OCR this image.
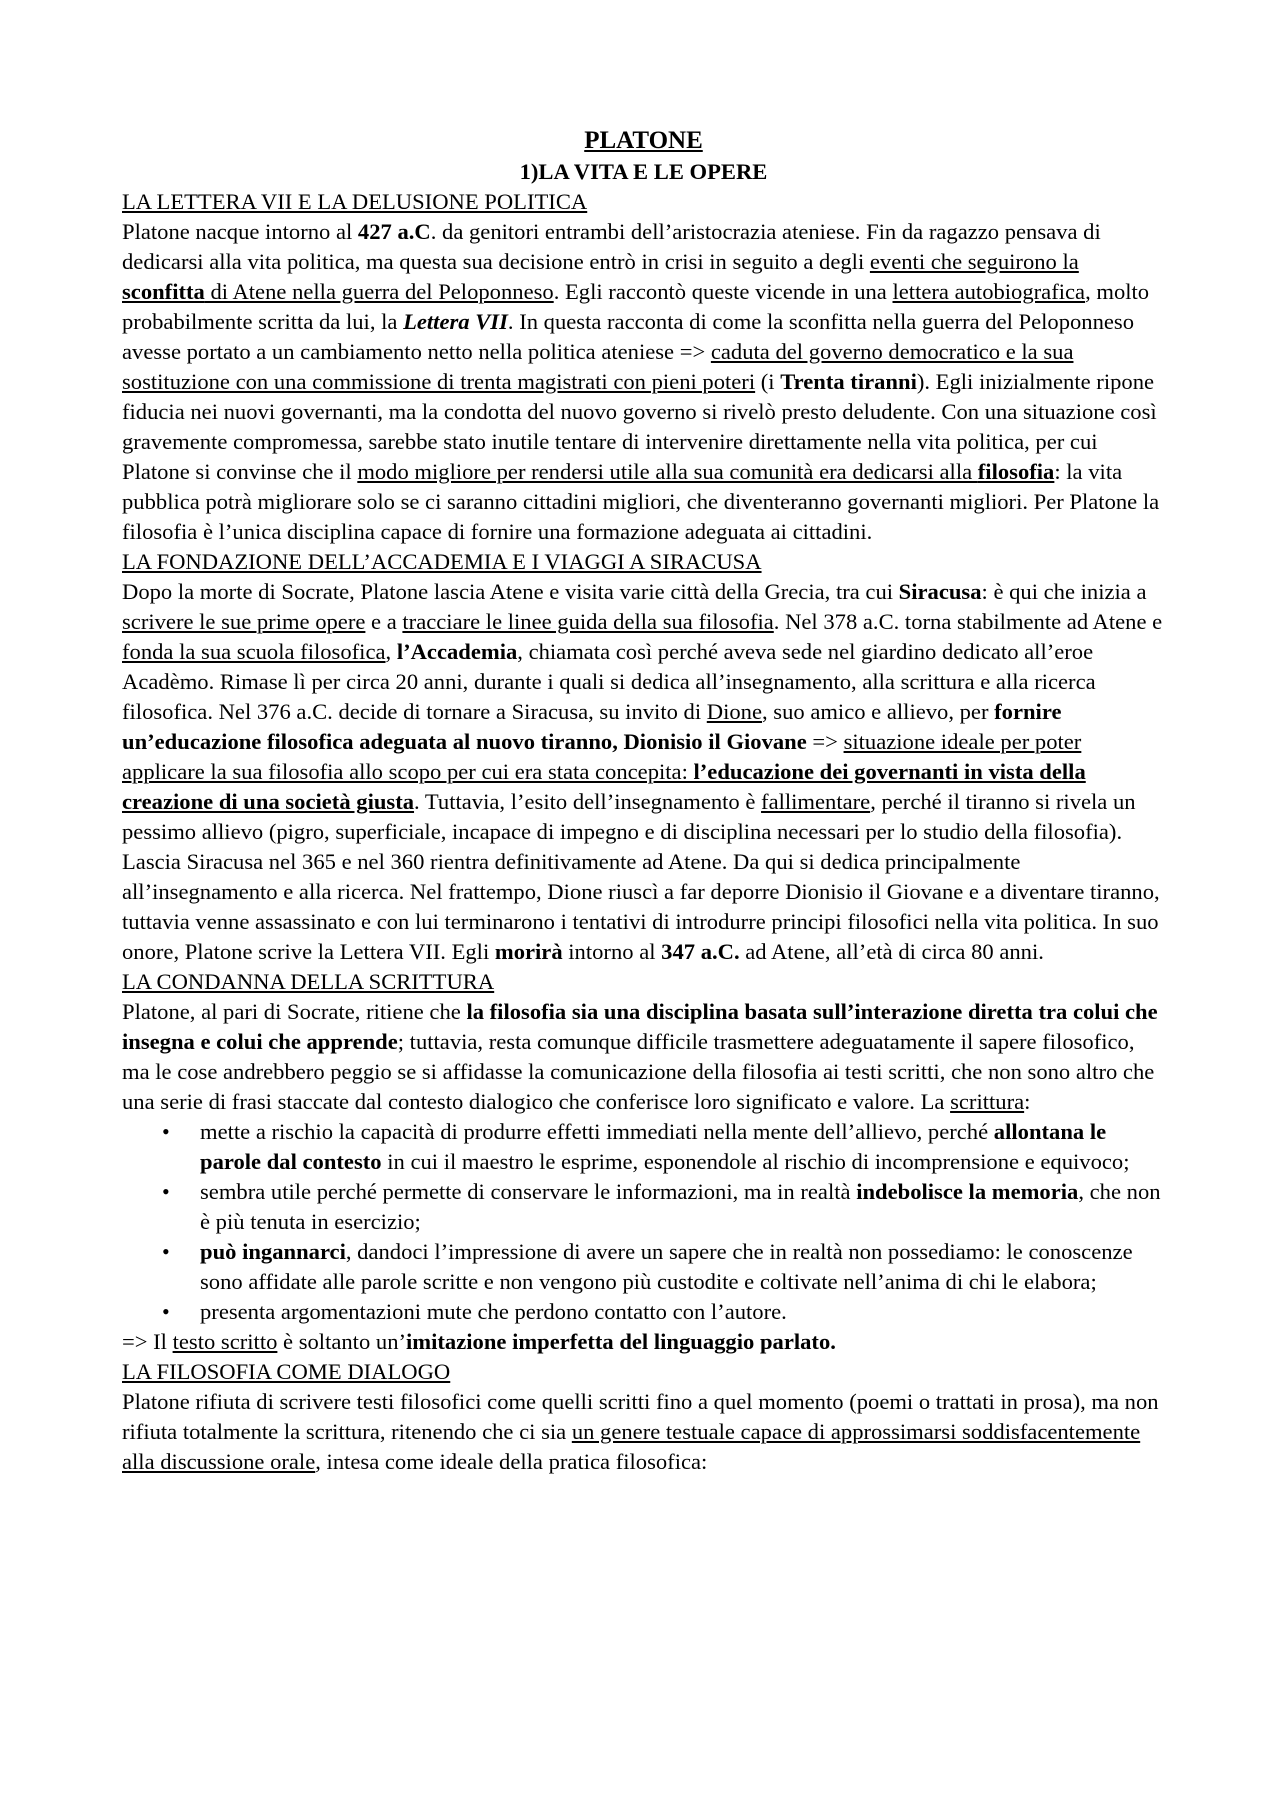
PLATONE
1)LA VITA E LE OPERE
LA LETTERA VII E LA DELUSIONE POLITICA

Platone nacque intorno al 427 a.C. da genitori entrambi dell’aristocrazia ateniese. Fin da ragazzo pensava di dedicarsi alla vita politica, ma questa sua decisione entrò in crisi in seguito a degli eventi che seguirono la sconfitta di Atene nella guerra del Peloponneso. Egli raccontò queste vicende in una lettera autobiografica, molto probabilmente scritta da lui, la Lettera VII. In questa racconta di come la sconfitta nella guerra del Peloponneso avesse portato a un cambiamento netto nella politica ateniese => caduta del governo democratico e la sua sostituzione con una commissione di trenta magistrati con pieni poteri (i Trenta tiranni). Egli inizialmente ripone fiducia nei nuovi governanti, ma la condotta del nuovo governo si rivelò presto deludente. Con una situazione così gravemente compromessa, sarebbe stato inutile tentare di intervenire direttamente nella vita politica, per cui Platone si convinse che il modo migliore per rendersi utile alla sua comunità era dedicarsi alla filosofia: la vita pubblica potrà migliorare solo se ci saranno cittadini migliori, che diventeranno governanti migliori. Per Platone la filosofia è l’unica disciplina capace di fornire una formazione adeguata ai cittadini.

LA FONDAZIONE DELL’ACCADEMIA E I VIAGGI A SIRACUSA

Dopo la morte di Socrate, Platone lascia Atene e visita varie città della Grecia, tra cui Siracusa: è qui che inizia a scrivere le sue prime opere e a tracciare le linee guida della sua filosofia. Nel 378 a.C. torna stabilmente ad Atene e fonda la sua scuola filosofica, l’Accademia, chiamata così perché aveva sede nel giardino dedicato all’eroe Acadèmo. Rimase lì per circa 20 anni, durante i quali si dedica all’insegnamento, alla scrittura e alla ricerca filosofica. Nel 376 a.C. decide di tornare a Siracusa, su invito di Dione, suo amico e allievo, per fornire un’educazione filosofica adeguata al nuovo tiranno, Dionisio il Giovane => situazione ideale per poter applicare la sua filosofia allo scopo per cui era stata concepita: l’educazione dei governanti in vista della creazione di una società giusta. Tuttavia, l’esito dell’insegnamento è fallimentare, perché il tiranno si rivela un pessimo allievo (pigro, superficiale, incapace di impegno e di disciplina necessari per lo studio della filosofia). Lascia Siracusa nel 365 e nel 360 rientra definitivamente ad Atene. Da qui si dedica principalmente all’insegnamento e alla ricerca. Nel frattempo, Dione riuscì a far deporre Dionisio il Giovane e a diventare tiranno, tuttavia venne assassinato e con lui terminarono i tentativi di introdurre principi filosofici nella vita politica. In suo onore, Platone scrive la Lettera VII. Egli morirà intorno al 347 a.C. ad Atene, all’età di circa 80 anni.

LA CONDANNA DELLA SCRITTURA

Platone, al pari di Socrate, ritiene che la filosofia sia una disciplina basata sull’interazione diretta tra colui che insegna e colui che apprende; tuttavia, resta comunque difficile trasmettere adeguatamente il sapere filosofico, ma le cose andrebbero peggio se si affidasse la comunicazione della filosofia ai testi scritti, che non sono altro che una serie di frasi staccate dal contesto dialogico che conferisce loro significato e valore. La scrittura:

• mette a rischio la capacità di produrre effetti immediati nella mente dell’allievo, perché allontana le parole dal contesto in cui il maestro le esprime, esponendole al rischio di incomprensione e equivoco;
• sembra utile perché permette di conservare le informazioni, ma in realtà indebolisce la memoria, che non è più tenuta in esercizio;
• può ingannarci, dandoci l’impressione di avere un sapere che in realtà non possediamo: le conoscenze sono affidate alle parole scritte e non vengono più custodite e coltivate nell’anima di chi le elabora;
• presenta argomentazioni mute che perdono contatto con l’autore.

=> Il testo scritto è soltanto un’imitazione imperfetta del linguaggio parlato.

LA FILOSOFIA COME DIALOGO

Platone rifiuta di scrivere testi filosofici come quelli scritti fino a quel momento (poemi o trattati in prosa), ma non rifiuta totalmente la scrittura, ritenendo che ci sia un genere testuale capace di approssimarsi soddisfacentemente alla discussione orale, intesa come ideale della pratica filosofica:
